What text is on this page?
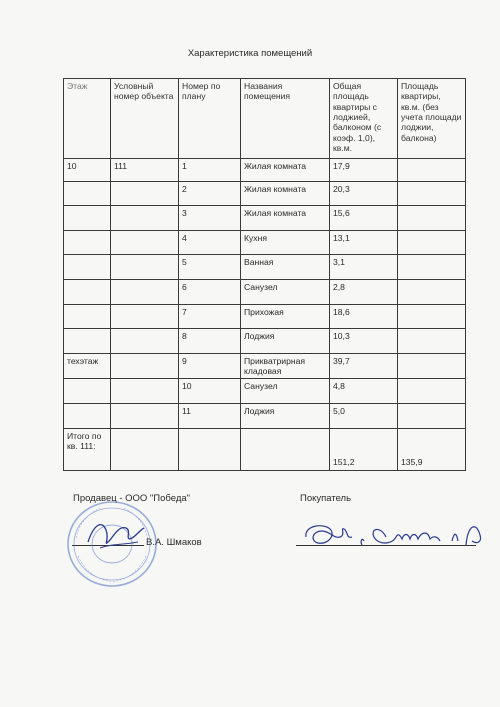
Характеристика помещений
Этаж	Условный номер объекта	Номер по плану	Названия помещения	Общая площадь квартиры с лоджией, балконом (с коэф. 1,0), кв.м.	Площадь квартиры, кв.м. (без учета площади лоджии, балкона)
10	111	1	Жилая комната	17,9	
		2	Жилая комната	20,3	
		3	Жилая комната	15,6	
		4	Кухня	13,1	
		5	Ванная	3,1	
		6	Санузел	2,8	
		7	Прихожая	18,6	
		8	Лоджия	10,3	
техэтаж		9	Прикватрирная кладовая	39,7	
		10	Санузел	4,8	
		11	Лоджия	5,0	
Итого по кв. 111:				151,2	135,9
Продавец - ООО "Победа"
В.А. Шмаков
Покупатель
